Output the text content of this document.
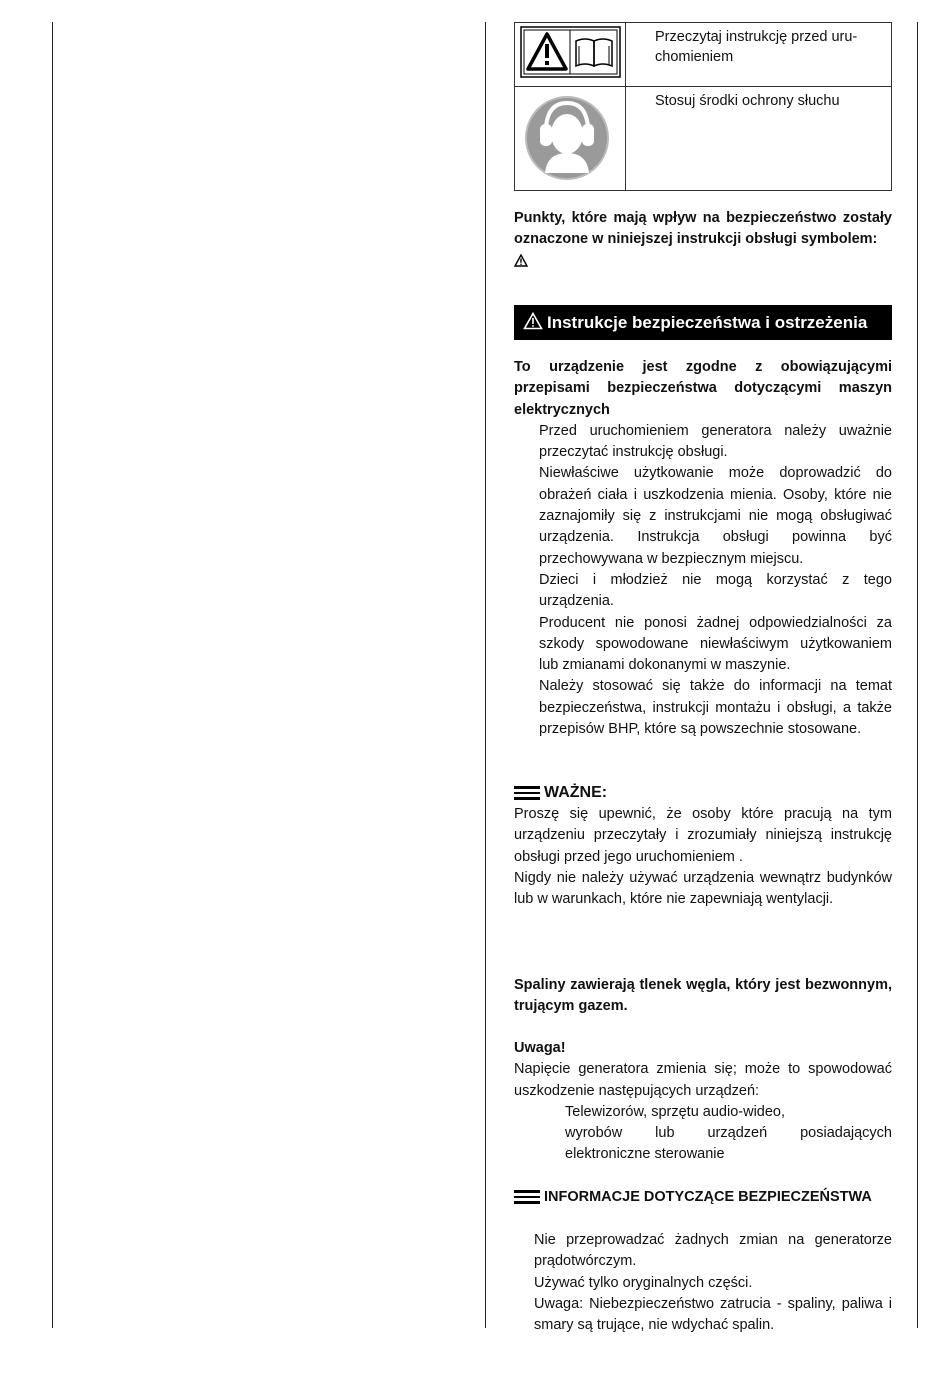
	Przeczytaj instrukcję przed uru-chomieniem
	Stosuj środki ochrony słuchu

Punkty, które mają wpływ na bezpieczeństwo zostały oznaczone w niniejszej instrukcji obsługi symbolem:

Instrukcje bezpieczeństwa i ostrzeżenia

To urządzenie jest zgodne z obowiązującymi przepisami bezpieczeństwa dotyczącymi maszyn elektrycznych

Przed uruchomieniem generatora należy uważnie przeczytać instrukcję obsługi.

Niewłaściwe użytkowanie może doprowadzić do obrażeń ciała i uszkodzenia mienia. Osoby, które nie zaznajomiły się z instrukcjami nie mogą obsługiwać urządzenia. Instrukcja obsługi powinna być przechowywana w bezpiecznym miejscu.

Dzieci i młodzież nie mogą korzystać z tego urządzenia.

Producent nie ponosi żadnej odpowiedzialności za szkody spowodowane niewłaściwym użytkowaniem lub zmianami dokonanymi w maszynie.

Należy stosować się także do informacji na temat bezpieczeństwa, instrukcji montażu i obsługi, a także przepisów BHP, które są powszechnie stosowane.

WAŻNE:

Proszę się upewnić, że osoby które pracują na tym urządzeniu przeczytały i zrozumiały niniejszą instrukcję obsługi przed jego uruchomieniem .

Nigdy nie należy używać urządzenia wewnątrz budynków lub w warunkach, które nie zapewniają wentylacji.

Spaliny zawierają tlenek węgla, który jest bezwonnym, trującym gazem.

Uwaga!

Napięcie generatora zmienia się; może to spowodować uszkodzenie następujących urządzeń:

Telewizorów, sprzętu audio-wideo,

wyrobów lub urządzeń posiadających elektroniczne sterowanie

INFORMACJE DOTYCZĄCE BEZPIECZEŃSTWA

Nie przeprowadzać żadnych zmian na generatorze prądotwórczym.

Używać tylko oryginalnych części.

Uwaga: Niebezpieczeństwo zatrucia - spaliny, paliwa i smary są trujące, nie wdychać spalin.
